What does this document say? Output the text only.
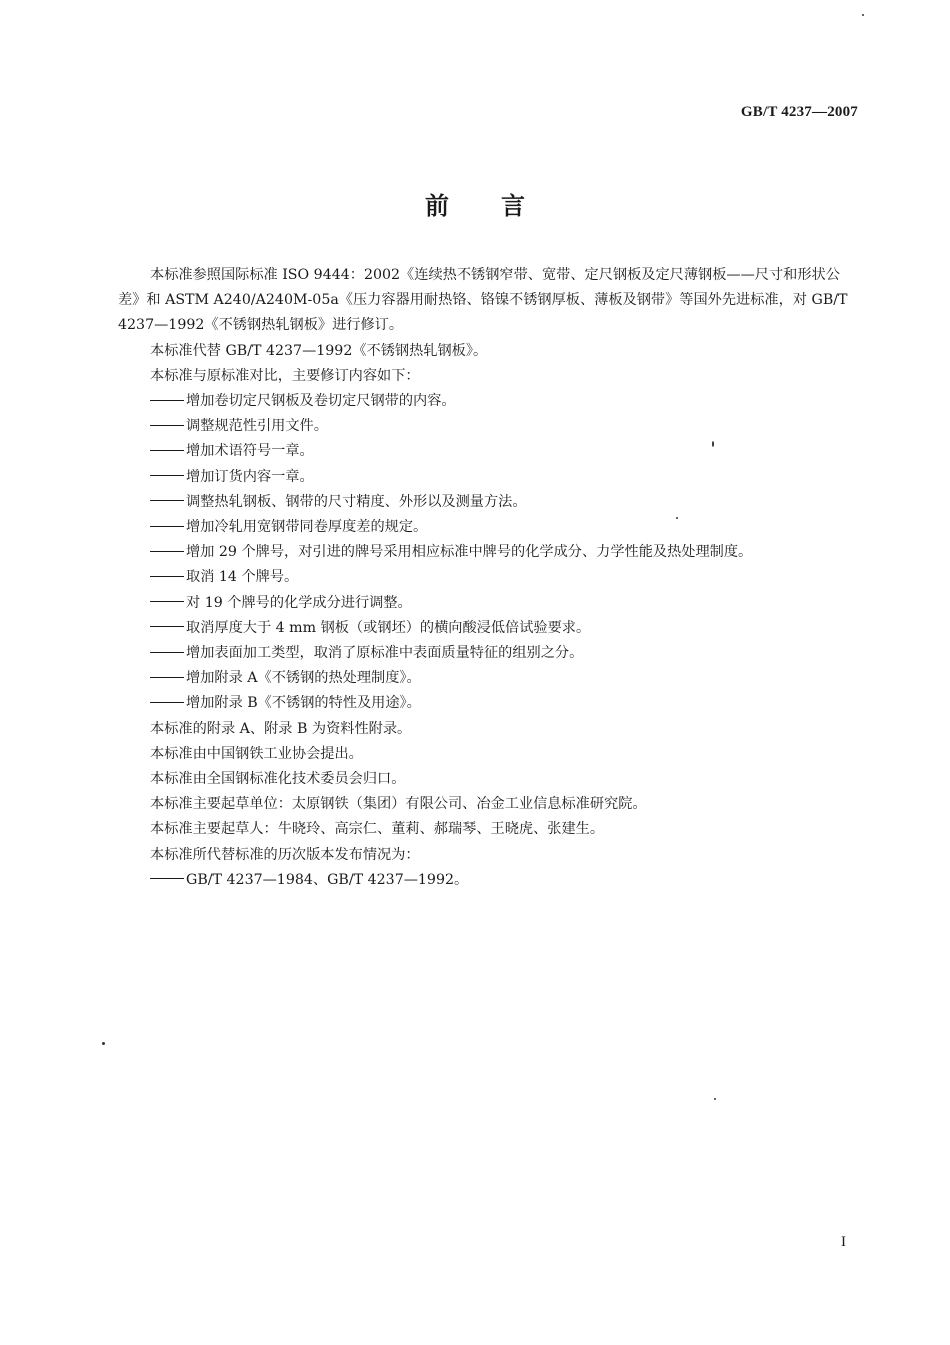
GB/T 4237—2007
前言

本标准参照国际标准 ISO 9444：2002《连续热不锈钢窄带、宽带、定尺钢板及定尺薄钢板——尺寸和形状公差》和 ASTM A240/A240M-05a《压力容器用耐热铬、铬镍不锈钢厚板、薄板及钢带》等国外先进标准，对 GB/T 4237—1992《不锈钢热轧钢板》进行修订。

本标准代替 GB/T 4237—1992《不锈钢热轧钢板》。

本标准与原标准对比，主要修订内容如下：

增加卷切定尺钢板及卷切定尺钢带的内容。

调整规范性引用文件。

增加术语符号一章。

增加订货内容一章。

调整热轧钢板、钢带的尺寸精度、外形以及测量方法。

增加冷轧用宽钢带同卷厚度差的规定。

增加 29 个牌号，对引进的牌号采用相应标准中牌号的化学成分、力学性能及热处理制度。

取消 14 个牌号。

对 19 个牌号的化学成分进行调整。

取消厚度大于 4 mm 钢板（或钢坯）的横向酸浸低倍试验要求。

增加表面加工类型，取消了原标准中表面质量特征的组别之分。

增加附录 A《不锈钢的热处理制度》。

增加附录 B《不锈钢的特性及用途》。

本标准的附录 A、附录 B 为资料性附录。

本标准由中国钢铁工业协会提出。

本标准由全国钢标准化技术委员会归口。

本标准主要起草单位：太原钢铁（集团）有限公司、冶金工业信息标准研究院。

本标准主要起草人：牛晓玲、高宗仁、董莉、郝瑞琴、王晓虎、张建生。

本标准所代替标准的历次版本发布情况为：

GB/T 4237—1984、GB/T 4237—1992。

I
